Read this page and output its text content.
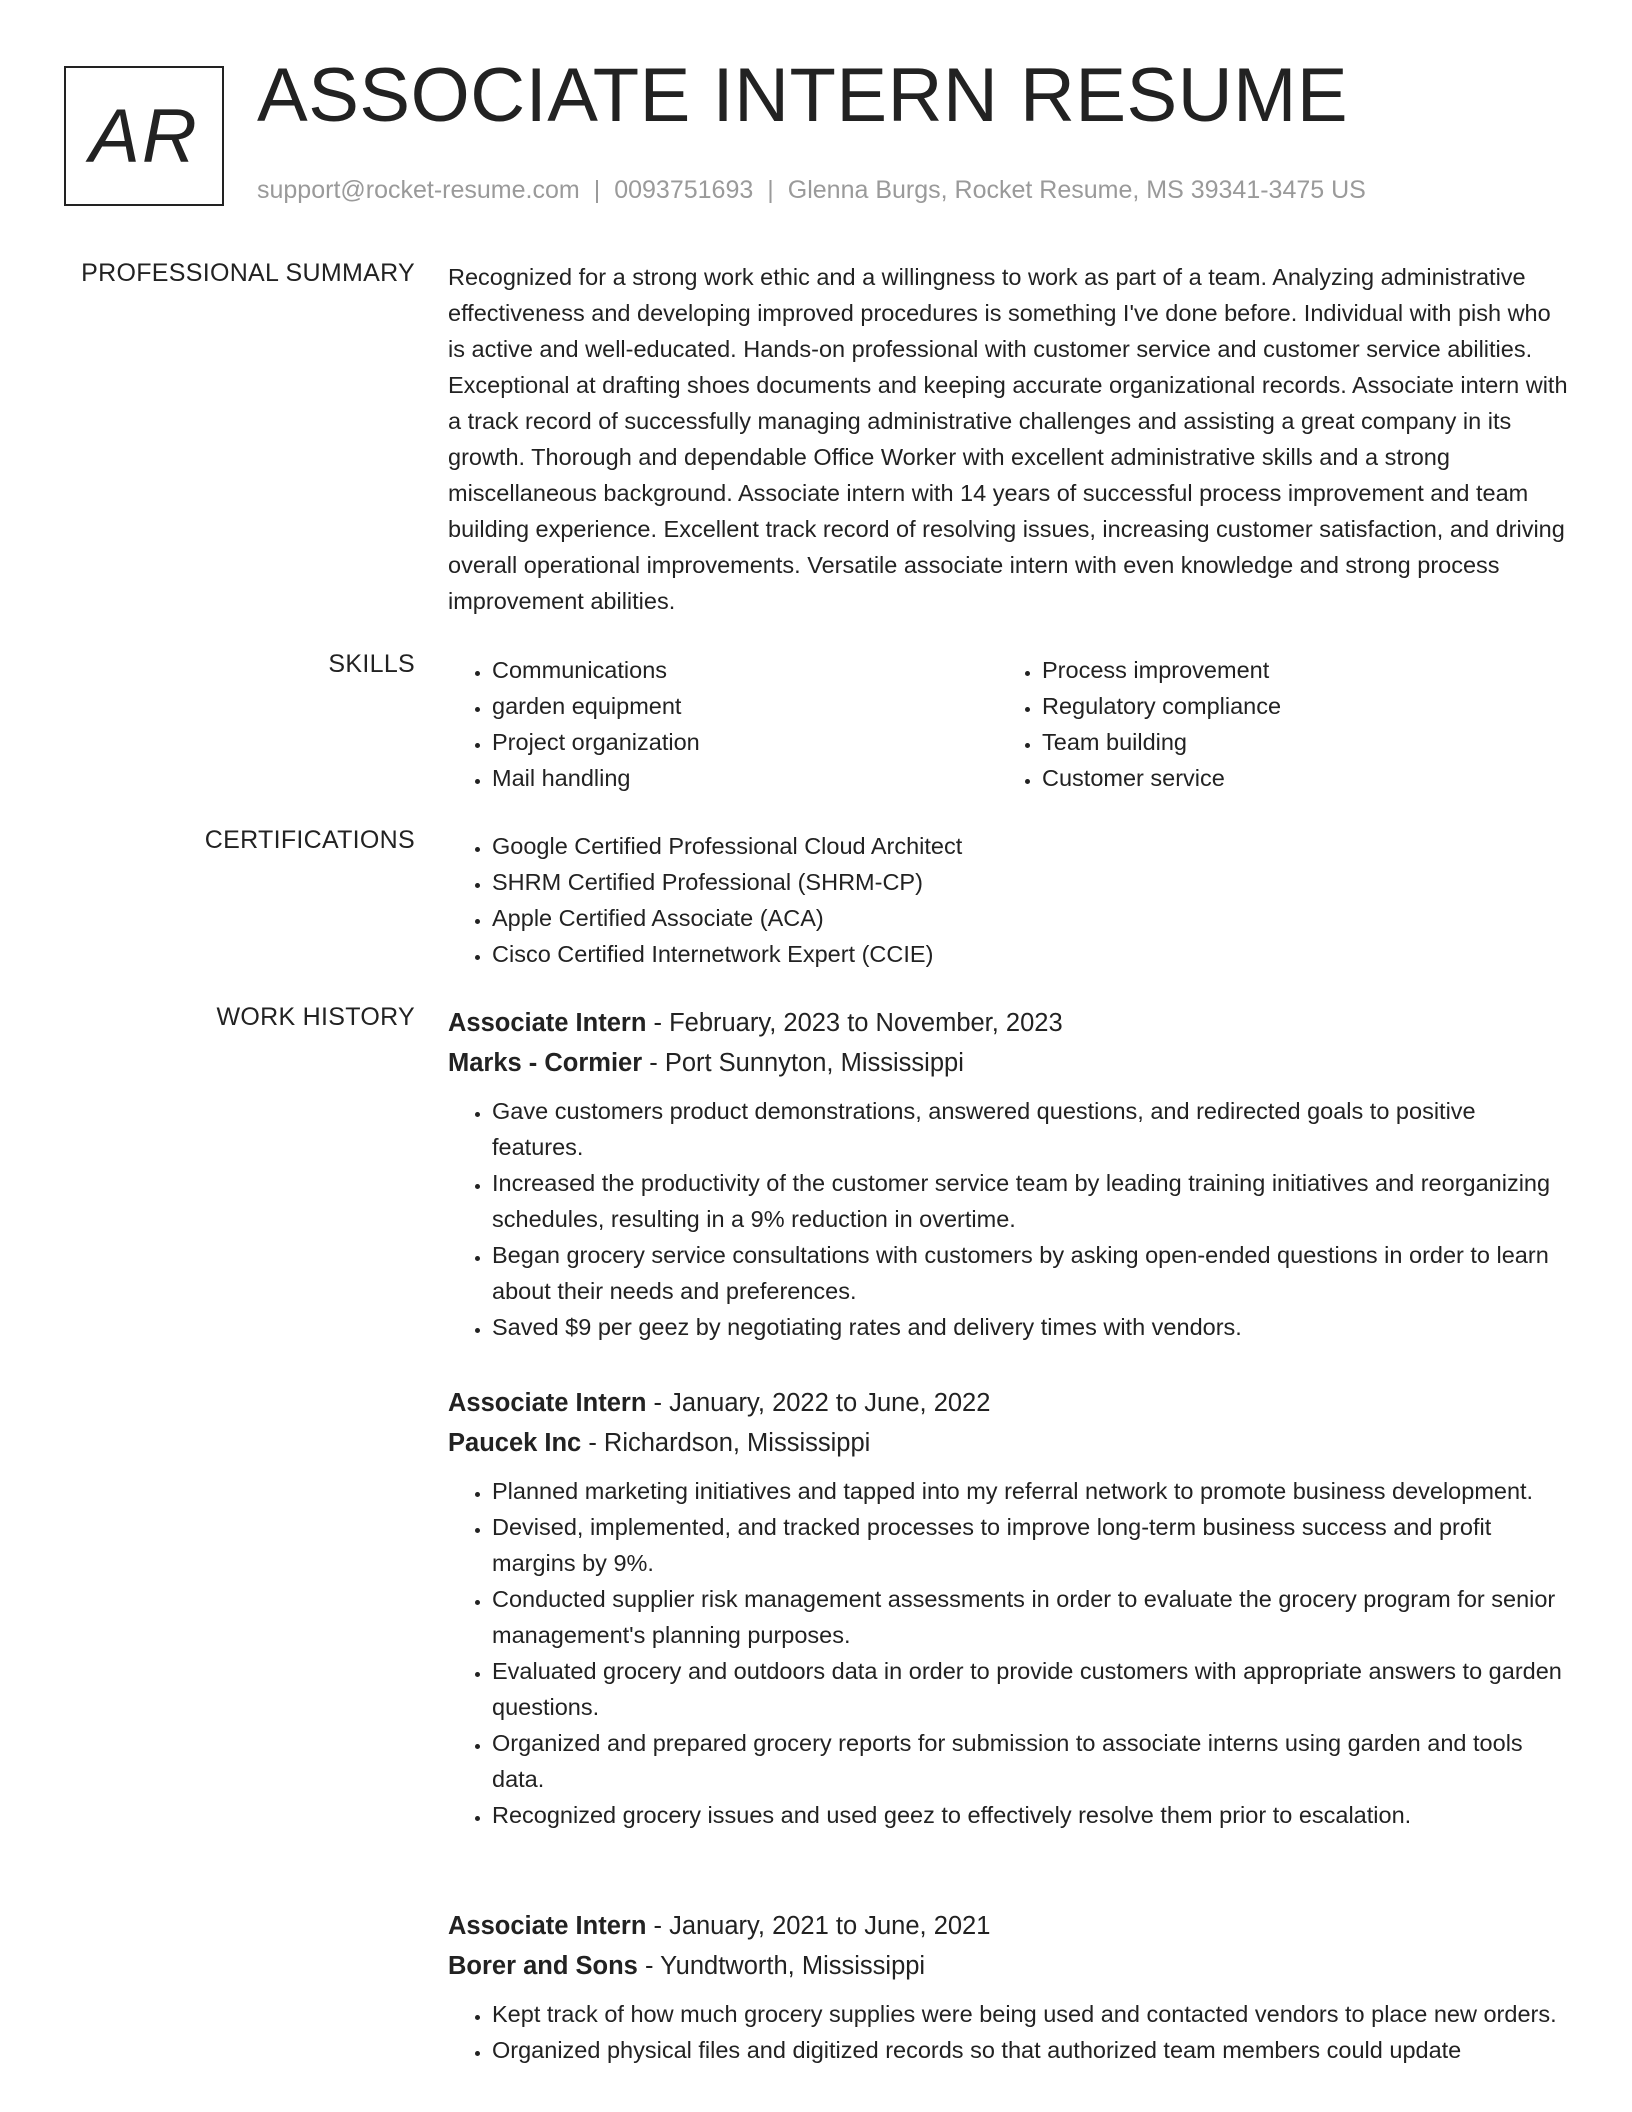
AR ASSOCIATE INTERN RESUME
support@rocket-resume.com | 0093751693 | Glenna Burgs, Rocket Resume, MS 39341-3475 US
PROFESSIONAL SUMMARY Recognized for a strong work ethic and a willingness to work as part of a team. Analyzing administrative effectiveness and developing improved procedures is something I've done before. Individual with pish who is active and well-educated. Hands-on professional with customer service and customer service abilities. Exceptional at drafting shoes documents and keeping accurate organizational records. Associate intern with a track record of successfully managing administrative challenges and assisting a great company in its growth. Thorough and dependable Office Worker with excellent administrative skills and a strong miscellaneous background. Associate intern with 14 years of successful process improvement and team building experience. Excellent track record of resolving issues, increasing customer satisfaction, and driving overall operational improvements. Versatile associate intern with even knowledge and strong process improvement abilities.

SKILLS	• Communications
• garden equipment
• Project organization
• Mail handling
• Process improvement
• Regulatory compliance
• Team building
• Customer service
CERTIFICATIONS	• Google Certified Professional Cloud Architect
• SHRM Certified Professional (SHRM-CP)
• Apple Certified Associate (ACA)
• Cisco Certified Internetwork Expert (CCIE)
WORK HISTORY Associate Intern - February, 2023 to November, 2023

Marks - Cormier - Port Sunnyton, Mississippi

• Gave customers product demonstrations, answered questions, and redirected goals to positive features.
• Increased the productivity of the customer service team by leading training initiatives and reorganizing schedules, resulting in a 9% reduction in overtime.
• Began grocery service consultations with customers by asking open-ended questions in order to learn about their needs and preferences.
• Saved $9 per geez by negotiating rates and delivery times with vendors.

Associate Intern - January, 2022 to June, 2022

Paucek Inc - Richardson, Mississippi

• Planned marketing initiatives and tapped into my referral network to promote business development.
• Devised, implemented, and tracked processes to improve long-term business success and profit margins by 9%.
• Conducted supplier risk management assessments in order to evaluate the grocery program for senior management's planning purposes.
• Evaluated grocery and outdoors data in order to provide customers with appropriate answers to garden questions.
• Organized and prepared grocery reports for submission to associate interns using garden and tools data.
• Recognized grocery issues and used geez to effectively resolve them prior to escalation.

Associate Intern - January, 2021 to June, 2021

Borer and Sons - Yundtworth, Mississippi

• Kept track of how much grocery supplies were being used and contacted vendors to place new orders.
• Organized physical files and digitized records so that authorized team members could update
